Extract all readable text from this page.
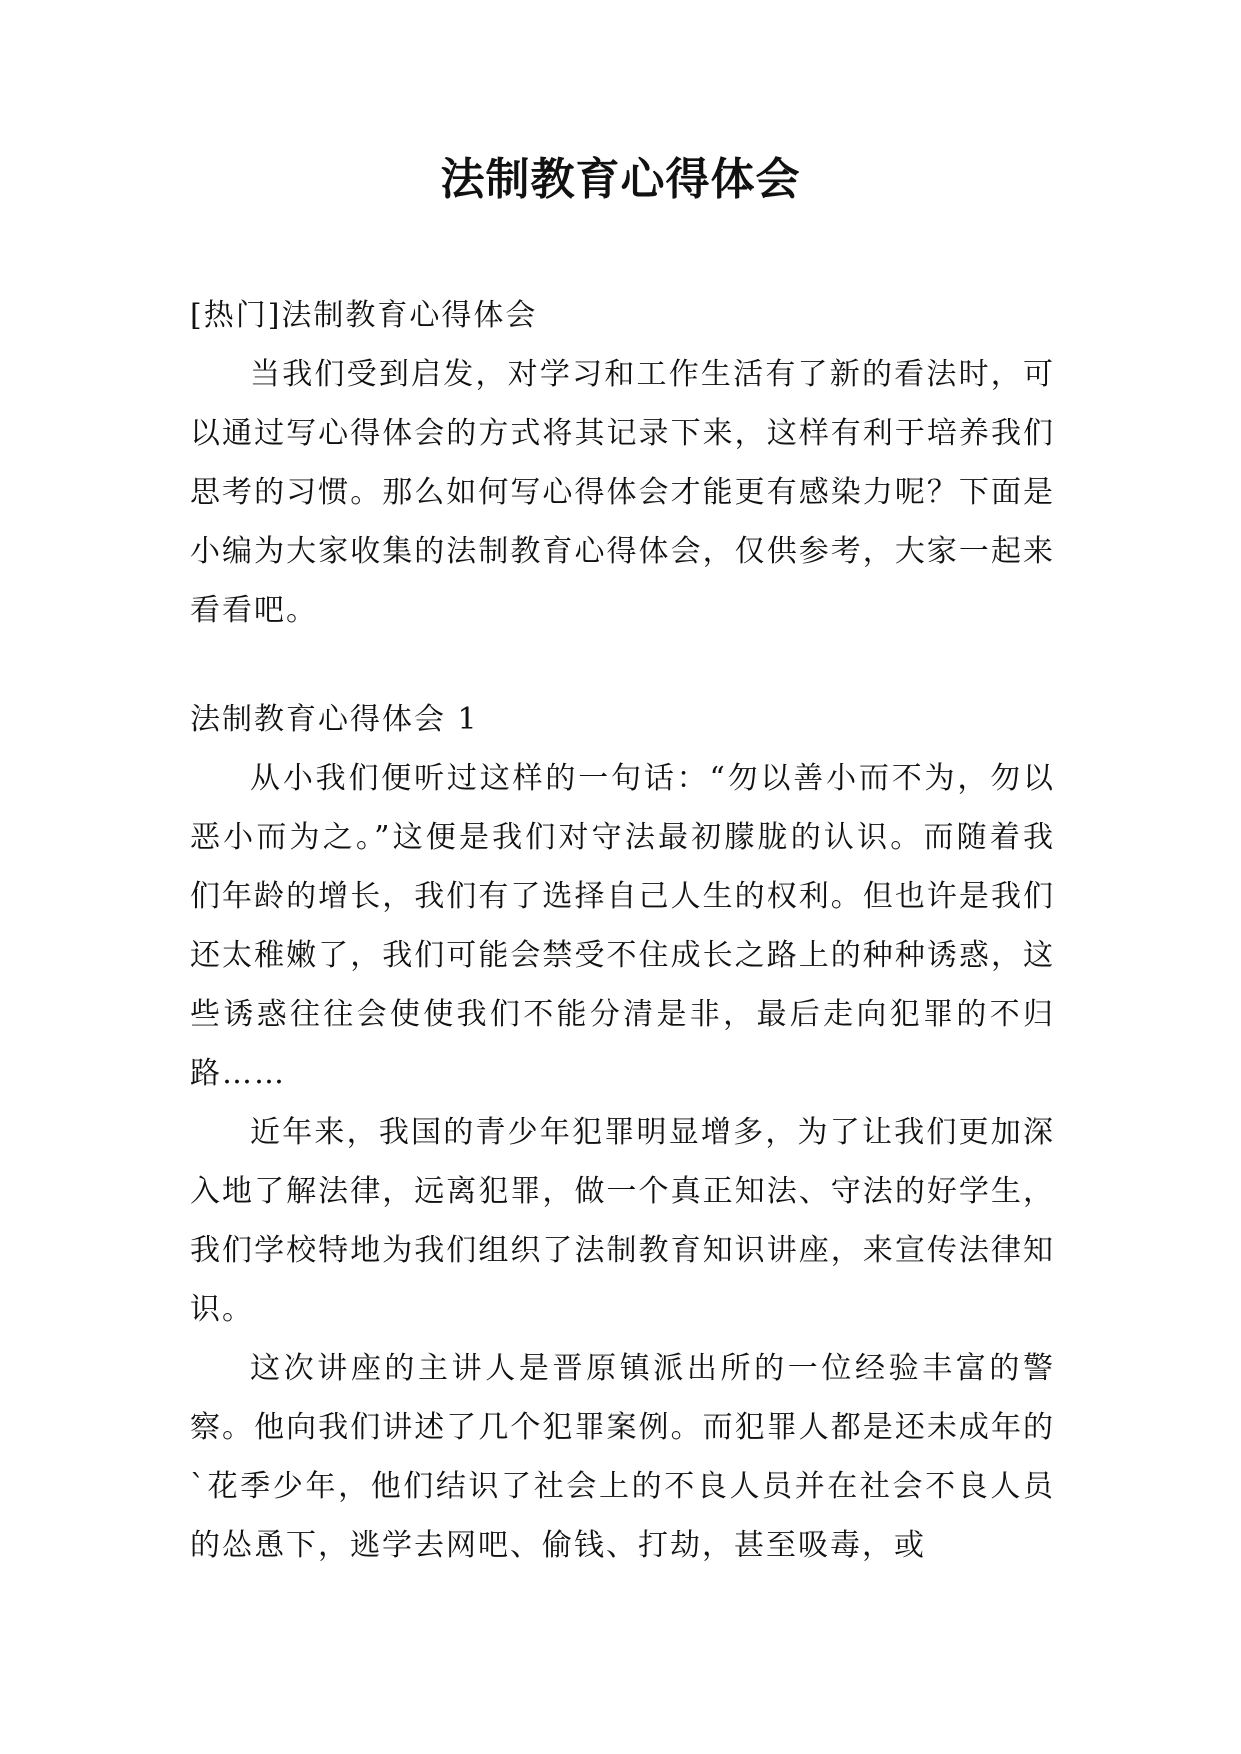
法制教育心得体会

[热门]法制教育心得体会

当我们受到启发，对学习和工作生活有了新的看法时，可以通过写心得体会的方式将其记录下来，这样有利于培养我们思考的习惯。那么如何写心得体会才能更有感染力呢？下面是小编为大家收集的法制教育心得体会，仅供参考，大家一起来看看吧。

法制教育心得体会 1

从小我们便听过这样的一句话：“勿以善小而不为，勿以恶小而为之。”这便是我们对守法最初朦胧的认识。而随着我们年龄的增长，我们有了选择自己人生的权利。但也许是我们还太稚嫩了，我们可能会禁受不住成长之路上的种种诱惑，这些诱惑往往会使使我们不能分清是非，最后走向犯罪的不归路……

近年来，我国的青少年犯罪明显增多，为了让我们更加深入地了解法律，远离犯罪，做一个真正知法、守法的好学生，我们学校特地为我们组织了法制教育知识讲座，来宣传法律知识。

这次讲座的主讲人是晋原镇派出所的一位经验丰富的警察。他向我们讲述了几个犯罪案例。而犯罪人都是还未成年的`花季少年，他们结识了社会上的不良人员并在社会不良人员的怂恿下，逃学去网吧、偷钱、打劫，甚至吸毒，或
